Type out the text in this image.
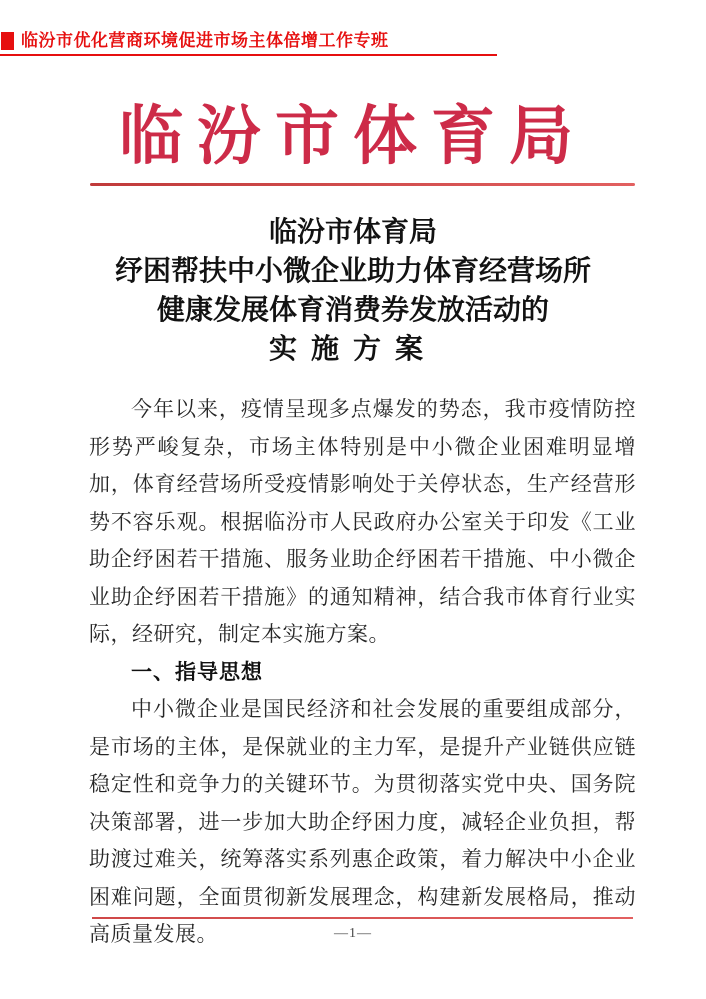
临汾市优化营商环境促进市场主体倍增工作专班
临汾市体育局
临汾市体育局
纾困帮扶中小微企业助力体育经营场所
健康发展体育消费券发放活动的
实施方案

今年以来，疫情呈现多点爆发的势态，我市疫情防控形势严峻复杂，市场主体特别是中小微企业困难明显增加，体育经营场所受疫情影响处于关停状态，生产经营形势不容乐观。根据临汾市人民政府办公室关于印发《工业助企纾困若干措施、服务业助企纾困若干措施、中小微企业助企纾困若干措施》的通知精神，结合我市体育行业实际，经研究，制定本实施方案。

一、指导思想

中小微企业是国民经济和社会发展的重要组成部分，是市场的主体，是保就业的主力军，是提升产业链供应链稳定性和竞争力的关键环节。为贯彻落实党中央、国务院决策部署，进一步加大助企纾困力度，减轻企业负担，帮助渡过难关，统筹落实系列惠企政策，着力解决中小企业困难问题，全面贯彻新发展理念，构建新发展格局，推动高质量发展。	—1—
